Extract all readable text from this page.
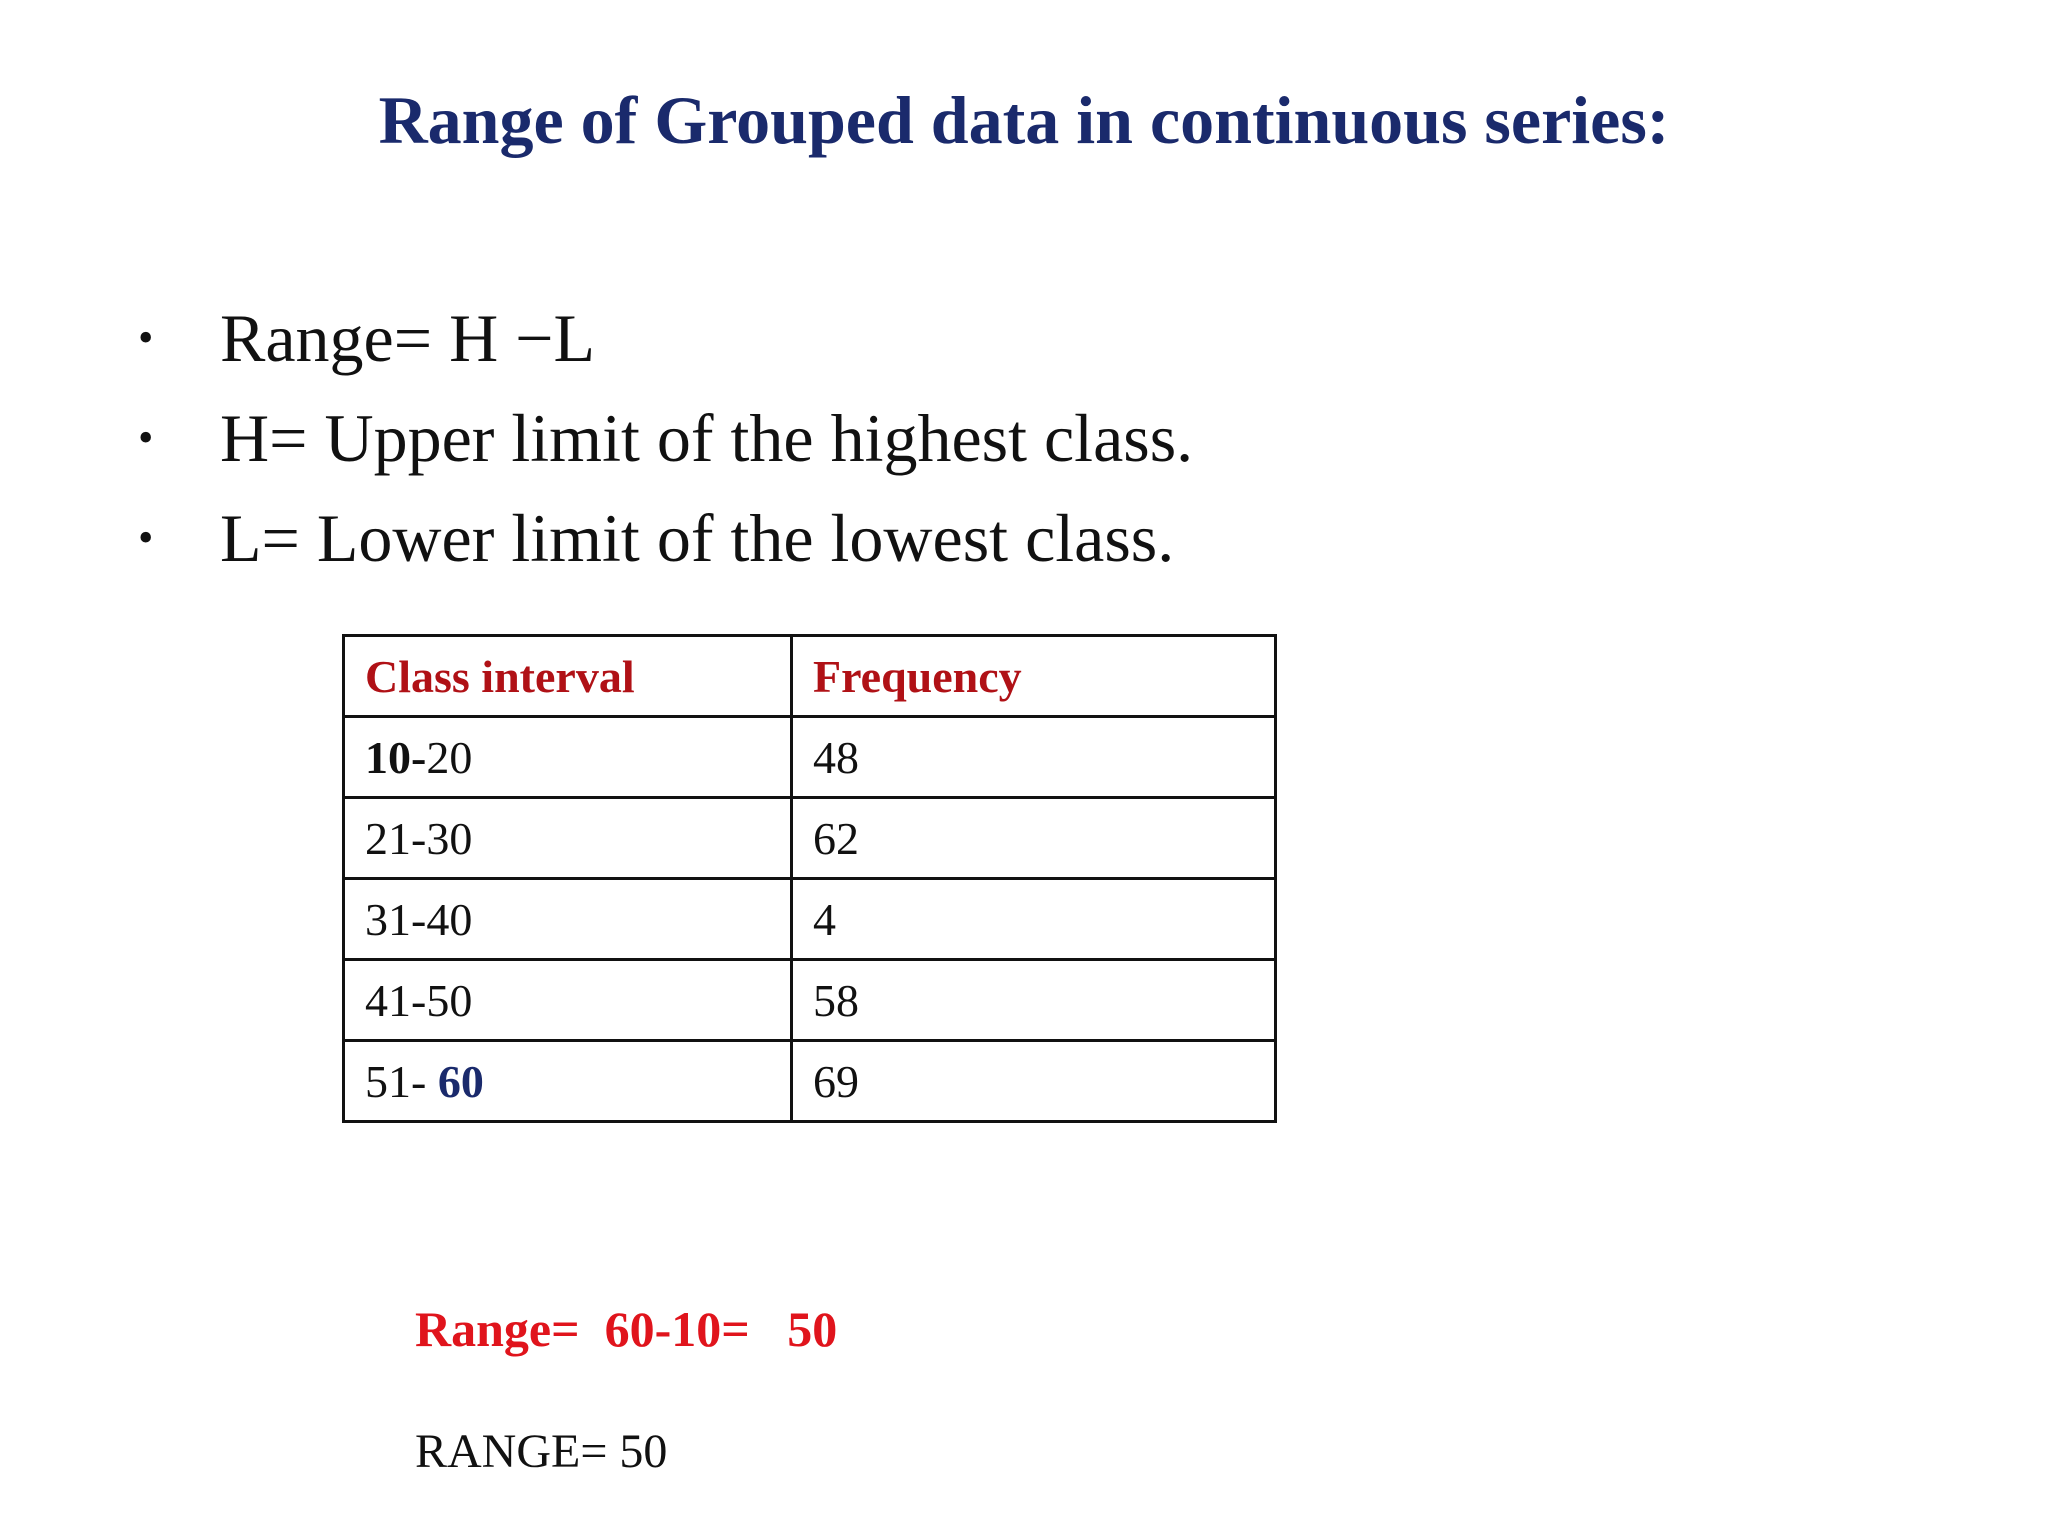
Range of Grouped data in continuous series:
• Range= H −L
• H= Upper limit of the highest class.
• L= Lower limit of the lowest class.
Class interval	Frequency
10-20	48
21-30	62
31-40	4
41-50	58
51- 60	69
Range=  60-10=   50
RANGE= 50
